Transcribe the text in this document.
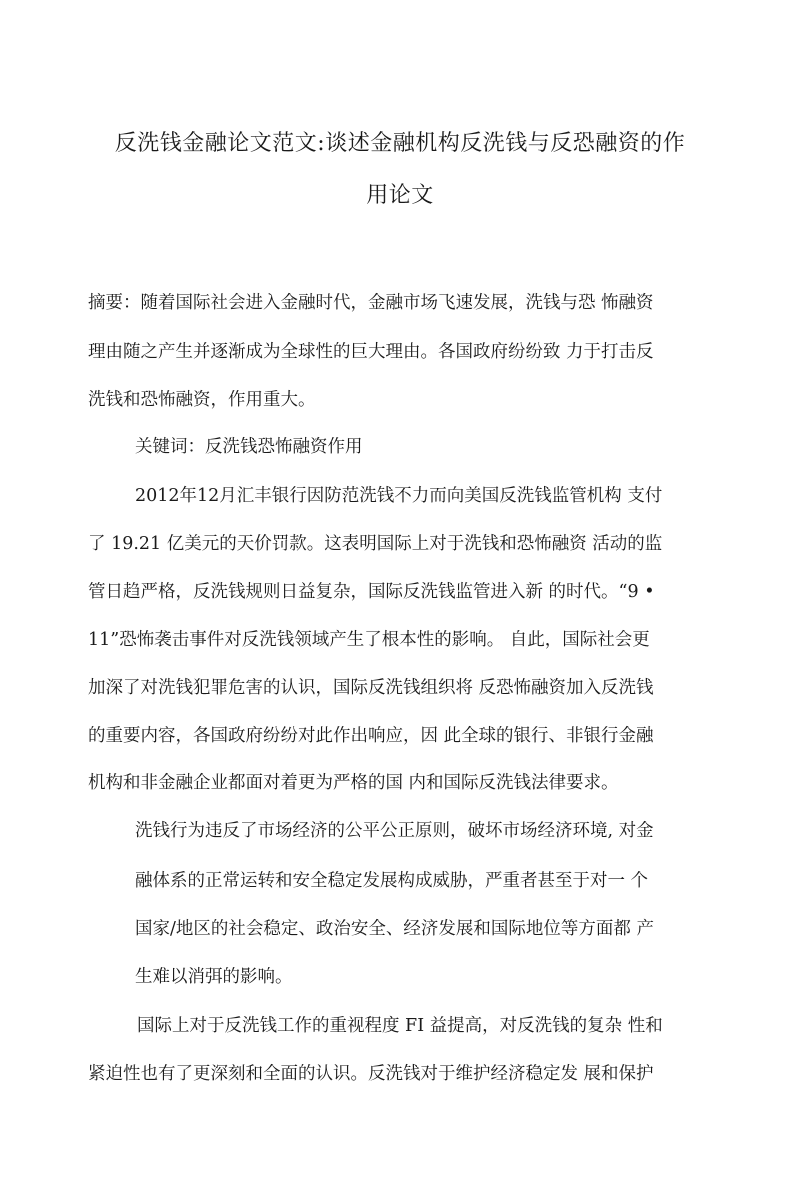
反洗钱金融论文范文:谈述金融机构反洗钱与反恐融资的作
用论文
摘要：随着国际社会进入金融时代，金融市场飞速发展，洗钱与恐 怖融资
理由随之产生并逐渐成为全球性的巨大理由。各国政府纷纷致 力于打击反
洗钱和恐怖融资，作用重大。
关键词：反洗钱恐怖融资作用
2012年12月汇丰银行因防范洗钱不力而向美国反洗钱监管机构 支付
了 19.21 亿美元的天价罚款。这表明国际上对于洗钱和恐怖融资 活动的监
管日趋严格，反洗钱规则日益复杂，国际反洗钱监管进入新 的时代。“9 •
11”恐怖袭击事件对反洗钱领域产生了根本性的影响。 自此，国际社会更
加深了对洗钱犯罪危害的认识，国际反洗钱组织将 反恐怖融资加入反洗钱
的重要内容，各国政府纷纷对此作出响应，因 此全球的银行、非银行金融
机构和非金融企业都面对着更为严格的国 内和国际反洗钱法律要求。
洗钱行为违反了市场经济的公平公正原则，破坏市场经济环境, 对金
融体系的正常运转和安全稳定发展构成威胁，严重者甚至于对一 个
国家/地区的社会稳定、政治安全、经济发展和国际地位等方面都 产
生难以消弭的影响。
国际上对于反洗钱工作的重视程度 FI 益提高，对反洗钱的复杂 性和
紧迫性也有了更深刻和全面的认识。反洗钱对于维护经济稳定发 展和保护
